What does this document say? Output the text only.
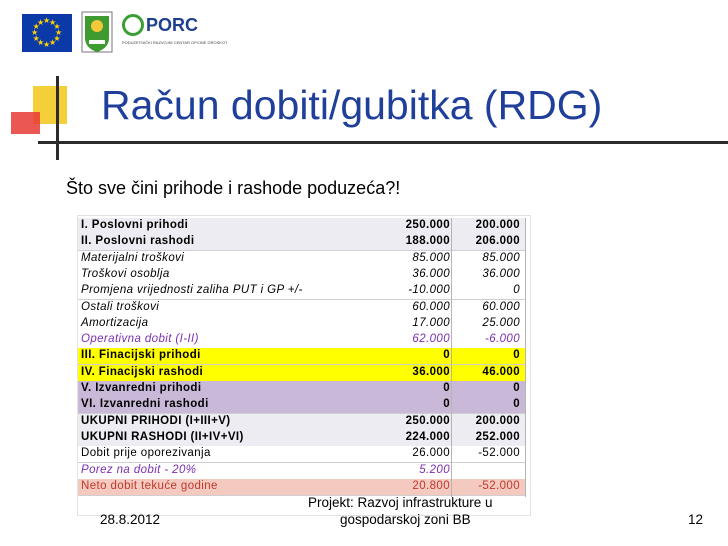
★
★
★
★
★
★
★
★
★
★
★
★	PORC
PODUZETNIČKI RAZVOJNI CENTAR OPCINE GROSKOT
Račun dobiti/gubitka (RDG)
Što sve čini prihode i rashode poduzeća?!
I. Poslovni prihodi	250.000 200.000
II. Poslovni rashodi	188.000 206.000
Materijalni troškovi	85.000	85.000
Troškovi osoblja	36.000	36.000
Promjena vrijednosti zaliha PUT i GP +/-	-10.000	0
Ostali troškovi	60.000	60.000
Amortizacija	17.000	25.000
Operativna dobit (I-II)	62.000	-6.000
III. Finacijski prihodi	0	0
IV. Finacijski rashodi	36.000	46.000
V. Izvanredni prihodi	0	0
VI. Izvanredni rashodi	0	0
UKUPNI PRIHODI (I+III+V)	250.000 200.000
UKUPNI RASHODI (II+IV+VI)	224.000 252.000
Dobit prije oporezivanja	26.000 -52.000
Porez na dobit - 20%	5.200
Neto dobit tekuće godine	20.800 -52.000
28.8.2012
Projekt: Razvoj infrastrukture u
gospodarskoj zoni BB	12
